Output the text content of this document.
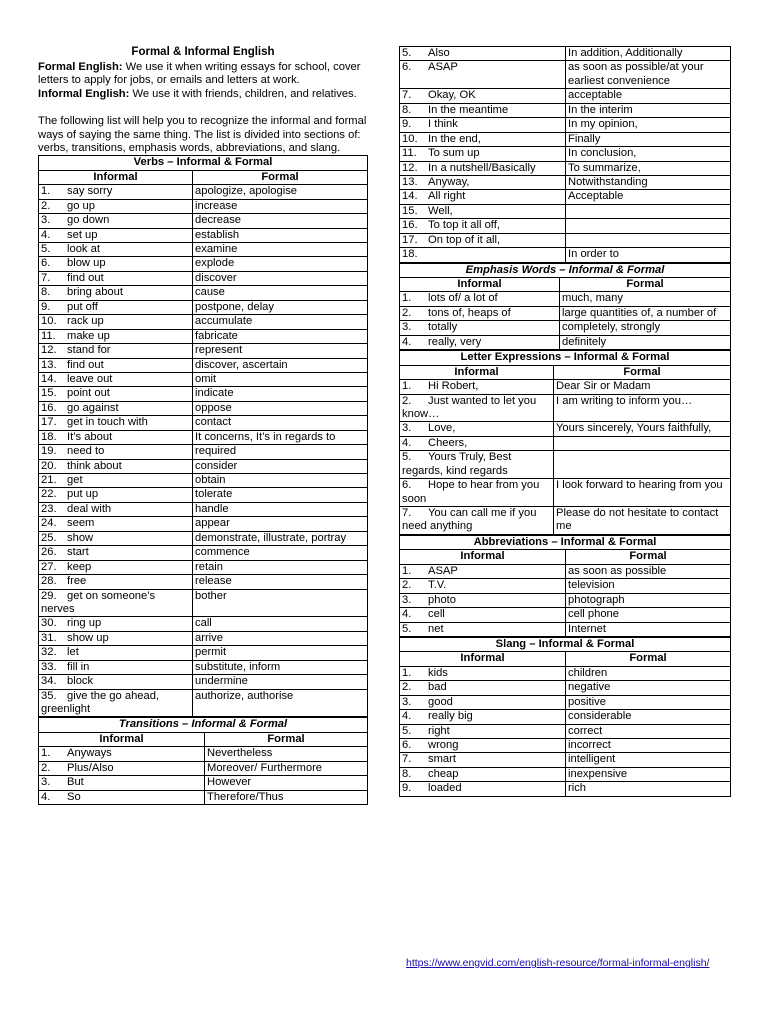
Formal & Informal English

Formal English: We use it when writing essays for school, cover letters to apply for jobs, or emails and letters at work.

Informal English: We use it with friends, children, and relatives.

The following list will help you to recognize the informal and formal ways of saying the same thing. The list is divided into sections of: verbs, transitions, emphasis words, abbreviations, and slang.

Verbs – Informal & Formal	
Informal	Formal
1. say sorry	apologize, apologise
2. go up	increase
3. go down	decrease
4. set up	establish
5. look at	examine
6. blow up	explode
7. find out	discover
8. bring about	cause
9. put off	postpone, delay
10. rack up	accumulate
11. make up	fabricate
12. stand for	represent
13. find out	discover, ascertain
14. leave out	omit
15. point out	indicate
16. go against	oppose
17. get in touch with	contact
18. It’s about	It concerns, It’s in regards to
19. need to	required
20. think about	consider
21. get	obtain
22. put up	tolerate
23. deal with	handle
24. seem	appear
25. show	demonstrate, illustrate, portray
26. start	commence
27. keep	retain
28. free	release
29. get on someone’s nerves	bother
30. ring up	call
31. show up	arrive
32. let	permit
33. fill in	substitute, inform
34. block	undermine
35. give the go ahead, greenlight	authorize, authorise
Transitions – Informal & Formal	
Informal	Formal
1. Anyways	Nevertheless
2. Plus/Also	Moreover/ Furthermore
3. But	However
4. So	Therefore/Thus
5. Also	In addition, Additionally
6. ASAP	as soon as possible/at your earliest convenience
7. Okay, OK	acceptable
8. In the meantime	In the interim
9. I think	In my opinion,
10. In the end,	Finally
11. To sum up	In conclusion,
12. In a nutshell/Basically	To summarize,
13. Anyway,	Notwithstanding
14. All right	Acceptable
15. Well,	
16. To top it all off,	
17. On top of it all,	
18.	In order to
Emphasis Words – Informal & Formal	
Informal	Formal
1. lots of/ a lot of	much, many
2. tons of, heaps of	large quantities of, a number of
3. totally	completely, strongly
4. really, very	definitely
Letter Expressions – Informal & Formal	
Informal	Formal
1. Hi Robert,	Dear Sir or Madam
2. Just wanted to let you know…	I am writing to inform you…
3. Love,	Yours sincerely, Yours faithfully,
4. Cheers,	
5. Yours Truly, Best regards, kind regards	
6. Hope to hear from you soon	I look forward to hearing from you
7. You can call me if you need anything	Please do not hesitate to contact me
Abbreviations – Informal & Formal	
Informal	Formal
1. ASAP	as soon as possible
2. T.V.	television
3. photo	photograph
4. cell	cell phone
5. net	Internet
Slang – Informal & Formal	
Informal	Formal
1. kids	children
2. bad	negative
3. good	positive
4. really big	considerable
5. right	correct
6. wrong	incorrect
7. smart	intelligent
8. cheap	inexpensive
9. loaded	rich
https://www.engvid.com/english-resource/formal-informal-english/
